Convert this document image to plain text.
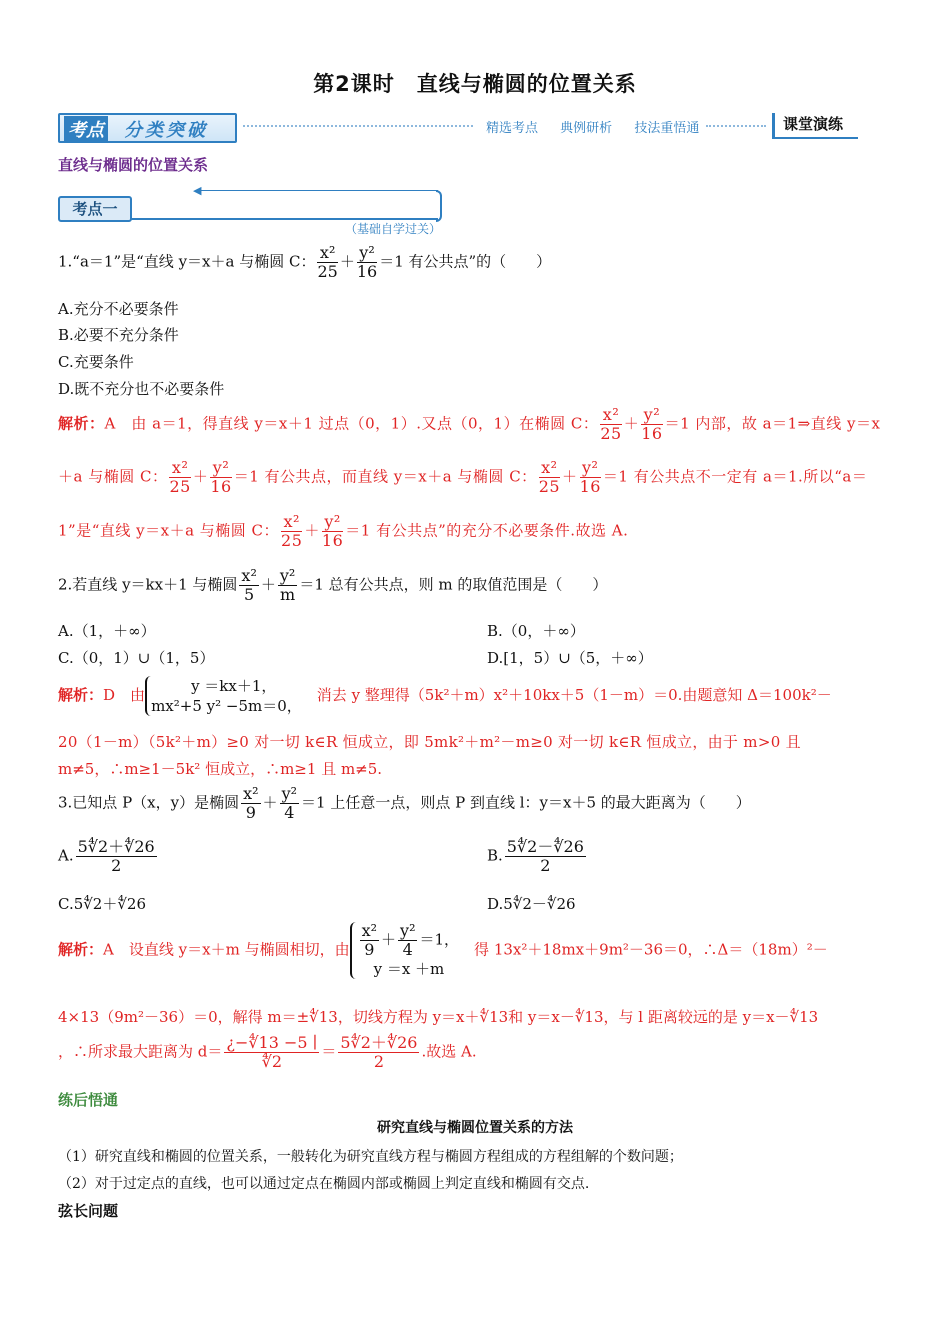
第2课时　直线与椭圆的位置关系
考点 分类突破	精选考点 典例研析 技法重悟通	课堂演练
直线与椭圆的位置关系
◀
考点一
（基础自学过关）
1.“a＝1”是“直线 y＝x＋a 与椭圆 C： $\frac{\text{x²}}{25} + \frac{\text{y²}}{16} =1$ 有公共点”的（　　）
A.充分不必要条件
B.必要不充分条件
C.充要条件
D.既不充分也不必要条件
解析：A　 由 a＝1，得直线 y＝x＋1 过点（0，1）.又点（0，1）在椭圆 C： $\frac{\text{x²}}{25} + \frac{\text{y²}}{16} =1$ 内部，故 a＝1⇒直线 y＝x
＋a 与椭圆 C： $\frac{\text{x²}}{25} + \frac{\text{y²}}{16} =1$ 有公共点，而直线 y＝x＋a 与椭圆 C： $\frac{\text{x²}}{25} + \frac{\text{y²}}{16} =1$ 有公共点不一定有 a＝1.所以“a＝
1”是“直线 y＝x＋a 与椭圆 C： $\frac{\text{x²}}{25} + \frac{\text{y²}}{16} =1$ 有公共点”的充分不必要条件.故选 A.
2.若直线 y＝kx＋1 与椭圆 $\frac{\text{x²}}{5} + \frac{\text{y²}}{m} =1$ 总有公共点，则 m 的取值范围是（　　）
A.（1，＋∞）	B.（0，＋∞）
C.（0，1）∪（1，5）	D.[1，5）∪（5，＋∞）
解析：D　由	y ＝kx＋1，
mx²+5 y² −5m＝0，
　消去 y 整理得（5k²＋m）x²＋10kx＋5（1－m）＝0.由题意知 Δ＝100k²－
20（1－m）（5k²＋m）≥0 对一切 k∈R 恒成立，即 5mk²＋m²－m≥0 对一切 k∈R 恒成立，由于 m>0 且
m≠5，∴m≥1－5k² 恒成立，∴m≥1 且 m≠5.
3.已知点 P（x，y）是椭圆 $\frac{\text{x²}}{9} + \frac{\text{y²}}{4} =1$ 上任意一点，则点 P 到直线 l：y＝x＋5 的最大距离为（　　）
A. $\frac{5∜2+∜26}{2}$	B. $\frac{5∜2-∜26}{2}$
C.5∜2＋∜26	D.5∜2－∜26
解析：A　 设直线 y＝x＋m 与椭圆相切，由 $\frac{\text{x²}}{9} + \frac{\text{y²}}{4} =1$，
y ＝x ＋m
　得 13x²＋18mx＋9m²－36＝0，∴Δ＝（18m）²－
4×13（9m²－36）＝0，解得 m＝±∜13，切线方程为 y＝x＋∜13和 y＝x－∜13，与 l 距离较远的是 y＝x－∜13
，∴所求最大距离为 $d= \frac{¿-∜13 -5 ∣}{∜2} = \frac{5∜2+∜26}{2}$ .故选 A.
练后悟通
研究直线与椭圆位置关系的方法
（1）研究直线和椭圆的位置关系，一般转化为研究直线方程与椭圆方程组成的方程组解的个数问题；
（2）对于过定点的直线，也可以通过定点在椭圆内部或椭圆上判定直线和椭圆有交点.
弦长问题
